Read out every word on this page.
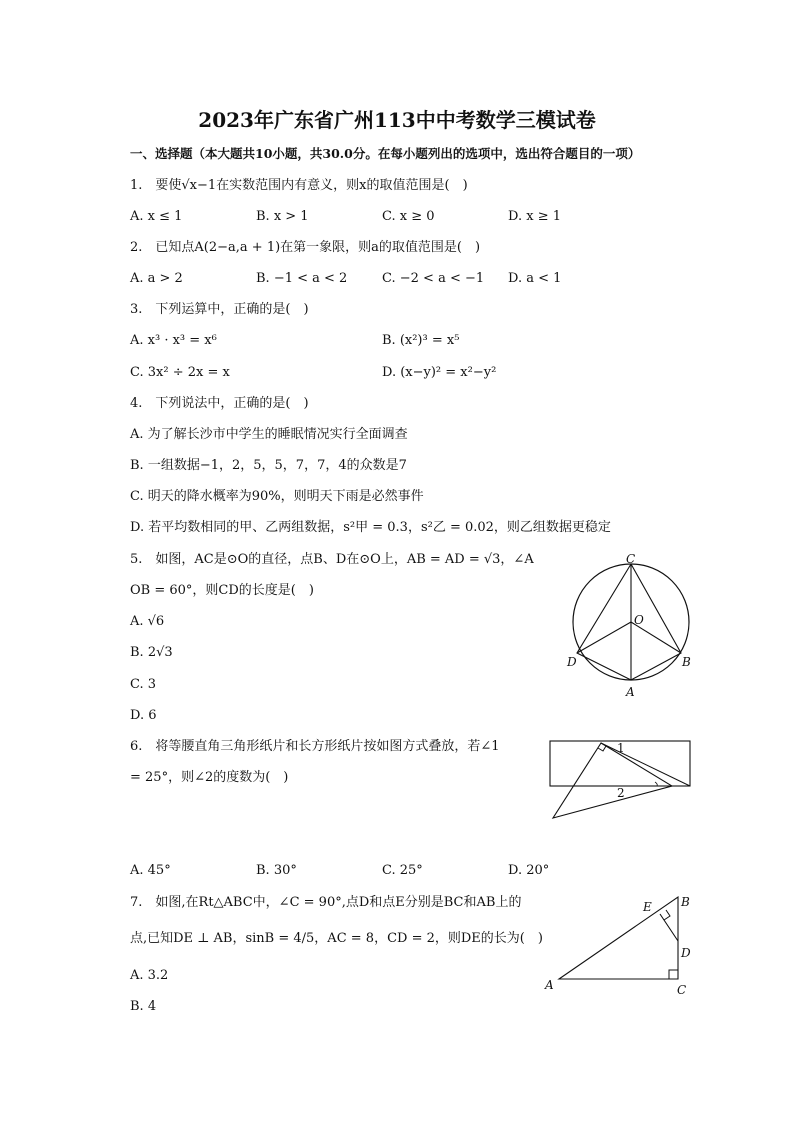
2023年广东省广州113中中考数学三模试卷
一、选择题（本大题共10小题，共30.0分。在每小题列出的选项中，选出符合题目的一项）
1.　要使√x−1在实数范围内有意义，则x的取值范围是(　)
A. x ≤ 1	B. x > 1	C. x ≥ 0	D. x ≥ 1
2.　已知点A(2−a,a + 1)在第一象限，则a的取值范围是(　)
A. a > 2	B. −1 < a < 2	C. −2 < a < −1 D. a < 1
3.　下列运算中，正确的是(　)
A. x³ · x³ = x⁶	B. (x²)³ = x⁵
C. 3x² ÷ 2x = x	D. (x−y)² = x²−y²
4.　下列说法中，正确的是(　)
A. 为了解长沙市中学生的睡眠情况实行全面调查
B. 一组数据−1，2，5，5，7，7，4的众数是7
C. 明天的降水概率为90%，则明天下雨是必然事件
D. 若平均数相同的甲、乙两组数据，s²甲 = 0.3，s²乙 = 0.02，则乙组数据更稳定
5.　如图，AC是⊙O的直径，点B、D在⊙O上，AB = AD = √3，∠A
OB = 60°，则CD的长度是(　)
A. √6
B. 2√3
C. 3
D. 6
C
O
D	B
A
6.　将等腰直角三角形纸片和长方形纸片按如图方式叠放，若∠1
= 25°，则∠2的度数为(　)
1
2
A. 45°	B. 30°	C. 25°	D. 20°
7.　如图,在Rt△ABC中，∠C = 90°,点D和点E分别是BC和AB上的
点,已知DE ⊥ AB，sinB = 4/5，AC = 8，CD = 2，则DE的长为(　)
A. 3.2
B. 4
E B
D
A	C
